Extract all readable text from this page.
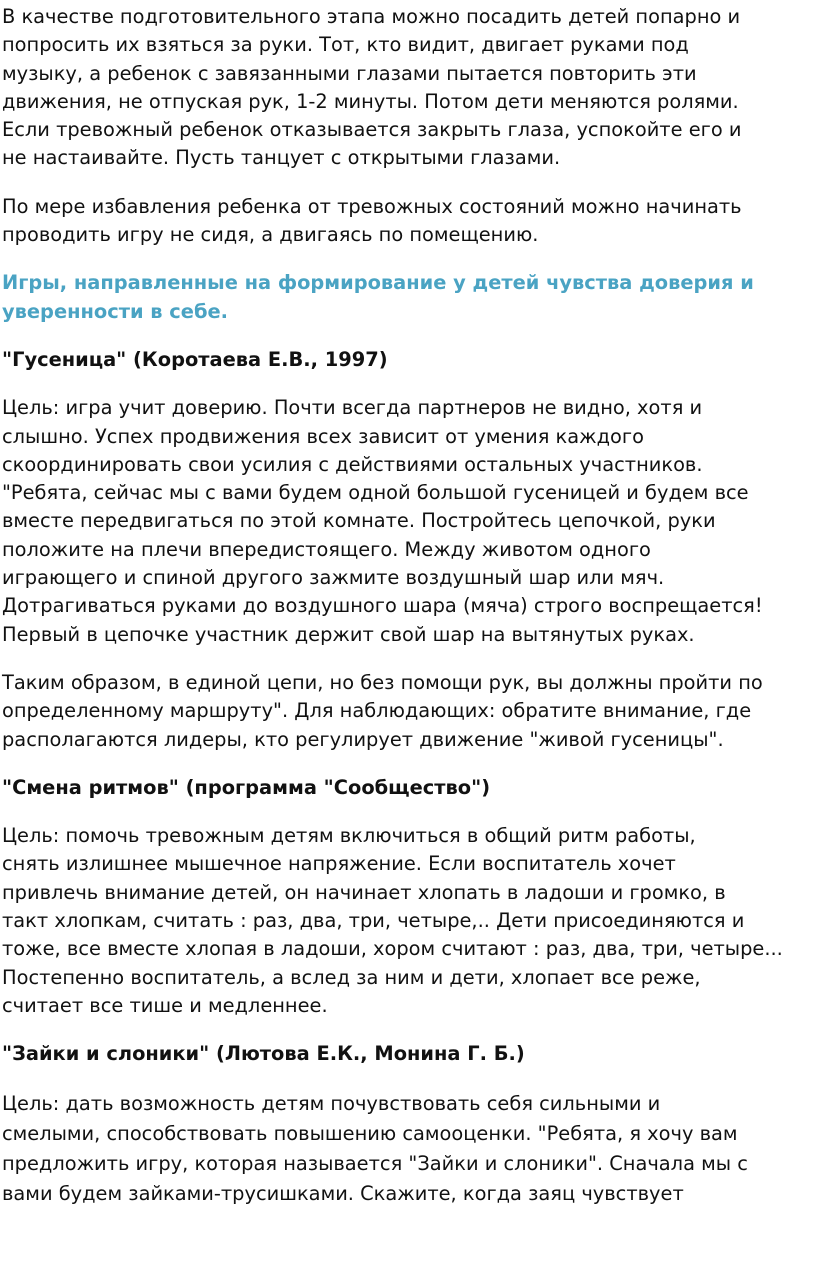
В качестве подготовительного этапа можно посадить детей попарно и
попросить их взяться за руки. Тот, кто видит, двигает руками под
музыку, а ребенок с завязанными глазами пытается повторить эти
движения, не отпуская рук, 1-2 минуты. Потом дети меняются ролями.
Если тревожный ребенок отказывается закрыть глаза, успокойте его и
не настаивайте. Пусть танцует с открытыми глазами.

По мере избавления ребенка от тревожных состояний можно начинать
проводить игру не сидя, а двигаясь по помещению.

Игры, направленные на формирование у детей чувства доверия и
уверенности в себе.

"Гусеница" (Коротаева Е.В., 1997)

Цель: игра учит доверию. Почти всегда партнеров не видно, хотя и
слышно. Успех продвижения всех зависит от умения каждого
скоординировать свои усилия с действиями остальных участников.
"Ребята, сейчас мы с вами будем одной большой гусеницей и будем все
вместе передвигаться по этой комнате. Постройтесь цепочкой, руки
положите на плечи впередистоящего. Между животом одного
играющего и спиной другого зажмите воздушный шар или мяч.
Дотрагиваться руками до воздушного шара (мяча) строго воспрещается!
Первый в цепочке участник держит свой шар на вытянутых руках.

Таким образом, в единой цепи, но без помощи рук, вы должны пройти по
определенному маршруту". Для наблюдающих: обратите внимание, где
располагаются лидеры, кто регулирует движение "живой гусеницы".

"Смена ритмов" (программа "Сообщество")

Цель: помочь тревожным детям включиться в общий ритм работы,
снять излишнее мышечное напряжение. Если воспитатель хочет
привлечь внимание детей, он начинает хлопать в ладоши и громко, в
такт хлопкам, считать : раз, два, три, четыре,.. Дети присоединяются и
тоже, все вместе хлопая в ладоши, хором считают : раз, два, три, четыре...
Постепенно воспитатель, а вслед за ним и дети, хлопает все реже,
считает все тише и медленнее.

"Зайки и слоники" (Лютова Е.К., Монина Г. Б.)

Цель: дать возможность детям почувствовать себя сильными и
смелыми, способствовать повышению самооценки. "Ребята, я хочу вам
предложить игру, которая называется "Зайки и слоники". Сначала мы с
вами будем зайками-трусишками. Скажите, когда заяц чувствует
